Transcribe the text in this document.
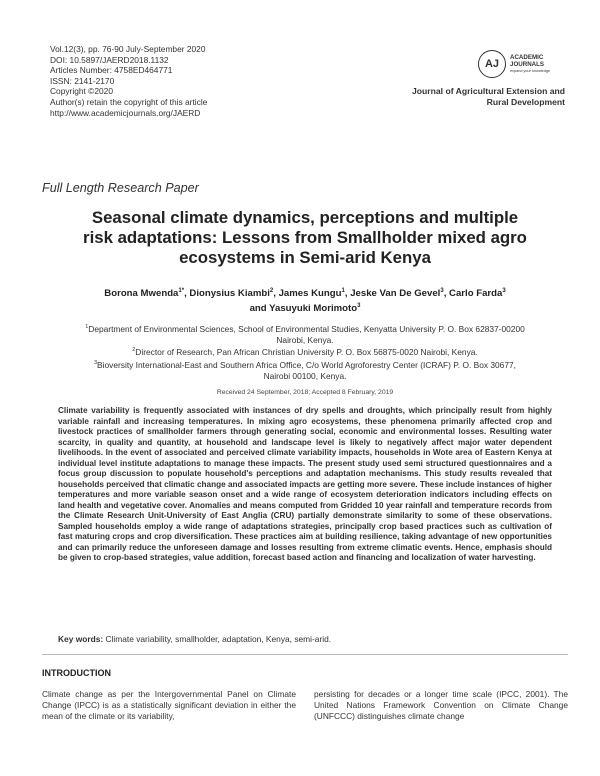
Vol.12(3), pp. 76-90 July-September 2020
DOI: 10.5897/JAERD2018.1132
Articles Number: 4758ED464771
ISSN: 2141-2170
Copyright ©2020
Author(s) retain the copyright of this article
http://www.academicjournals.org/JAERD
AJ
ACADEMIC
JOURNALS
expand your knowledge
Journal of Agricultural Extension and
Rural Development
Full Length Research Paper
Seasonal climate dynamics, perceptions and multiple
risk adaptations: Lessons from Smallholder mixed agro
ecosystems in Semi-arid Kenya
Borona Mwenda$^{1*}$, Dionysius Kiambi$^2$, James Kungu$^1$, Jeske Van De Gevel$^3$, Carlo Farda$^3$
and Yasuyuki Morimoto$^3$
$^1$Department of Environmental Sciences, School of Environmental Studies, Kenyatta University P. O. Box 62837-00200
Nairobi, Kenya.
$^2$Director of Research, Pan African Christian University P. O. Box 56875-0020 Nairobi, Kenya.
$^3$Bioversity International-East and Southern Africa Office, C/o World Agroforestry Center (ICRAF) P. O. Box 30677,
Nairobi 00100, Kenya.
Received 24 September, 2018; Accepted 8 February, 2019
Climate variability is frequently associated with instances of dry spells and droughts, which principally result from highly variable rainfall and increasing temperatures. In mixing agro ecosystems, these phenomena primarily affected crop and livestock practices of smallholder farmers through generating social, economic and environmental losses. Resulting water scarcity, in quality and quantity, at household and landscape level is likely to negatively affect major water dependent livelihoods. In the event of associated and perceived climate variability impacts, households in Wote area of Eastern Kenya at individual level institute adaptations to manage these impacts. The present study used semi structured questionnaires and a focus group discussion to populate household's perceptions and adaptation mechanisms. This study results revealed that households perceived that climatic change and associated impacts are getting more severe. These include instances of higher temperatures and more variable season onset and a wide range of ecosystem deterioration indicators including effects on land health and vegetative cover. Anomalies and means computed from Gridded 10 year rainfall and temperature records from the Climate Research Unit-University of East Anglia (CRU) partially demonstrate similarity to some of these observations. Sampled households employ a wide range of adaptations strategies, principally crop based practices such as cultivation of fast maturing crops and crop diversification. These practices aim at building resilience, taking advantage of new opportunities and can primarily reduce the unforeseen damage and losses resulting from extreme climatic events. Hence, emphasis should be given to crop-based strategies, value addition, forecast based action and financing and localization of water harvesting.
Key words: Climate variability, smallholder, adaptation, Kenya, semi-arid.
INTRODUCTION
Climate change as per the Intergovernmental Panel on Climate Change (IPCC) is as a statistically significant deviation in either the mean of the climate or its variability,
persisting for decades or a longer time scale (IPCC, 2001). The United Nations Framework Convention on Climate Change (UNFCCC) distinguishes climate change
